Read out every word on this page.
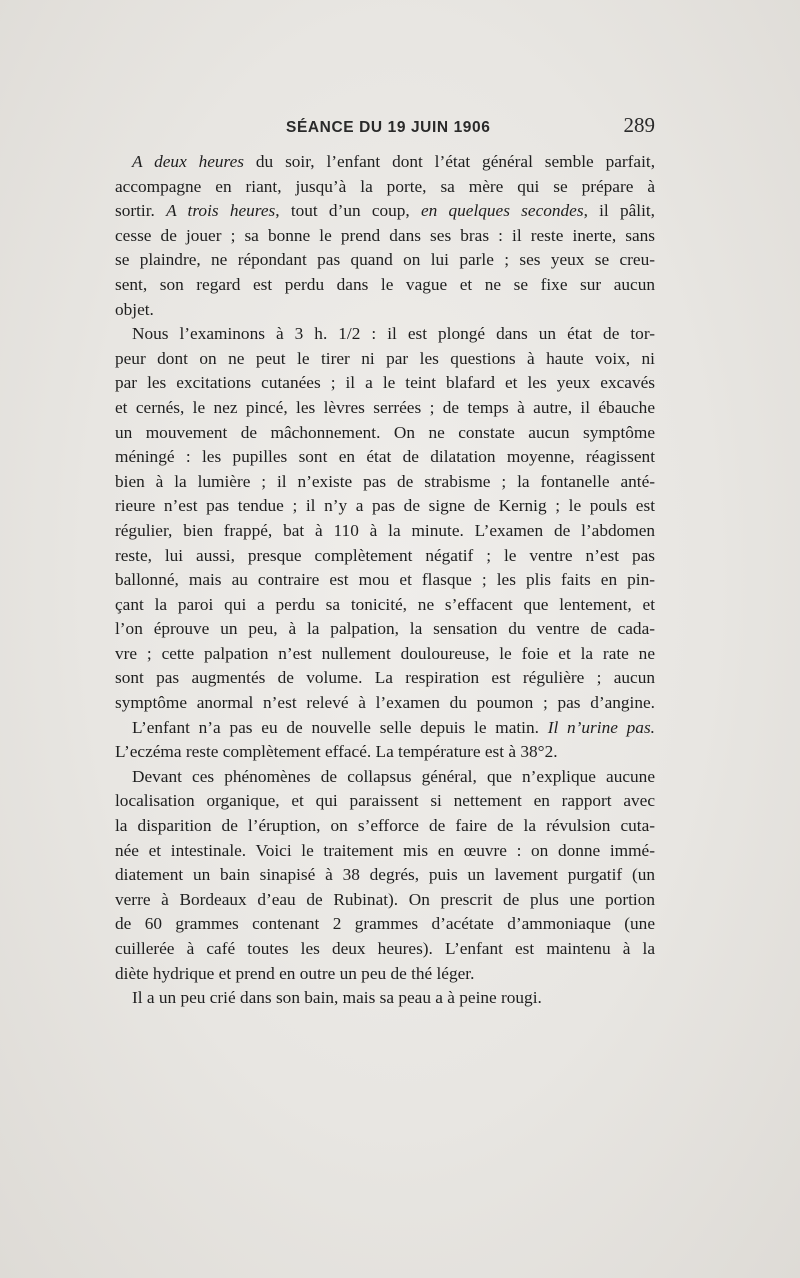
SÉANCE DU 19 JUIN 1906	289
A deux heures du soir, l’enfant dont l’état général semble parfait,
accompagne en riant, jusqu’à la porte, sa mère qui se prépare à
sortir. A trois heures, tout d’un coup, en quelques secondes, il pâlit,
cesse de jouer ; sa bonne le prend dans ses bras : il reste inerte, sans
se plaindre, ne répondant pas quand on lui parle ; ses yeux se creu-
sent, son regard est perdu dans le vague et ne se fixe sur aucun
objet.
Nous l’examinons à 3 h. 1/2 : il est plongé dans un état de tor-
peur dont on ne peut le tirer ni par les questions à haute voix, ni
par les excitations cutanées ; il a le teint blafard et les yeux excavés
et cernés, le nez pincé, les lèvres serrées ; de temps à autre, il ébauche
un mouvement de mâchonnement. On ne constate aucun symptôme
méningé : les pupilles sont en état de dilatation moyenne, réagissent
bien à la lumière ; il n’existe pas de strabisme ; la fontanelle anté-
rieure n’est pas tendue ; il n’y a pas de signe de Kernig ; le pouls est
régulier, bien frappé, bat à 110 à la minute. L’examen de l’abdomen
reste, lui aussi, presque complètement négatif ; le ventre n’est pas
ballonné, mais au contraire est mou et flasque ; les plis faits en pin-
çant la paroi qui a perdu sa tonicité, ne s’effacent que lentement, et
l’on éprouve un peu, à la palpation, la sensation du ventre de cada-
vre ; cette palpation n’est nullement douloureuse, le foie et la rate ne
sont pas augmentés de volume. La respiration est régulière ; aucun
symptôme anormal n’est relevé à l’examen du poumon ; pas d’angine.
L’enfant n’a pas eu de nouvelle selle depuis le matin. Il n’urine pas.
L’eczéma reste complètement effacé. La température est à 38°2.
Devant ces phénomènes de collapsus général, que n’explique aucune
localisation organique, et qui paraissent si nettement en rapport avec
la disparition de l’éruption, on s’efforce de faire de la révulsion cuta-
née et intestinale. Voici le traitement mis en œuvre : on donne immé-
diatement un bain sinapisé à 38 degrés, puis un lavement purgatif (un
verre à Bordeaux d’eau de Rubinat). On prescrit de plus une portion
de 60 grammes contenant 2 grammes d’acétate d’ammoniaque (une
cuillerée à café toutes les deux heures). L’enfant est maintenu à la
diète hydrique et prend en outre un peu de thé léger.
Il a un peu crié dans son bain, mais sa peau a à peine rougi.
